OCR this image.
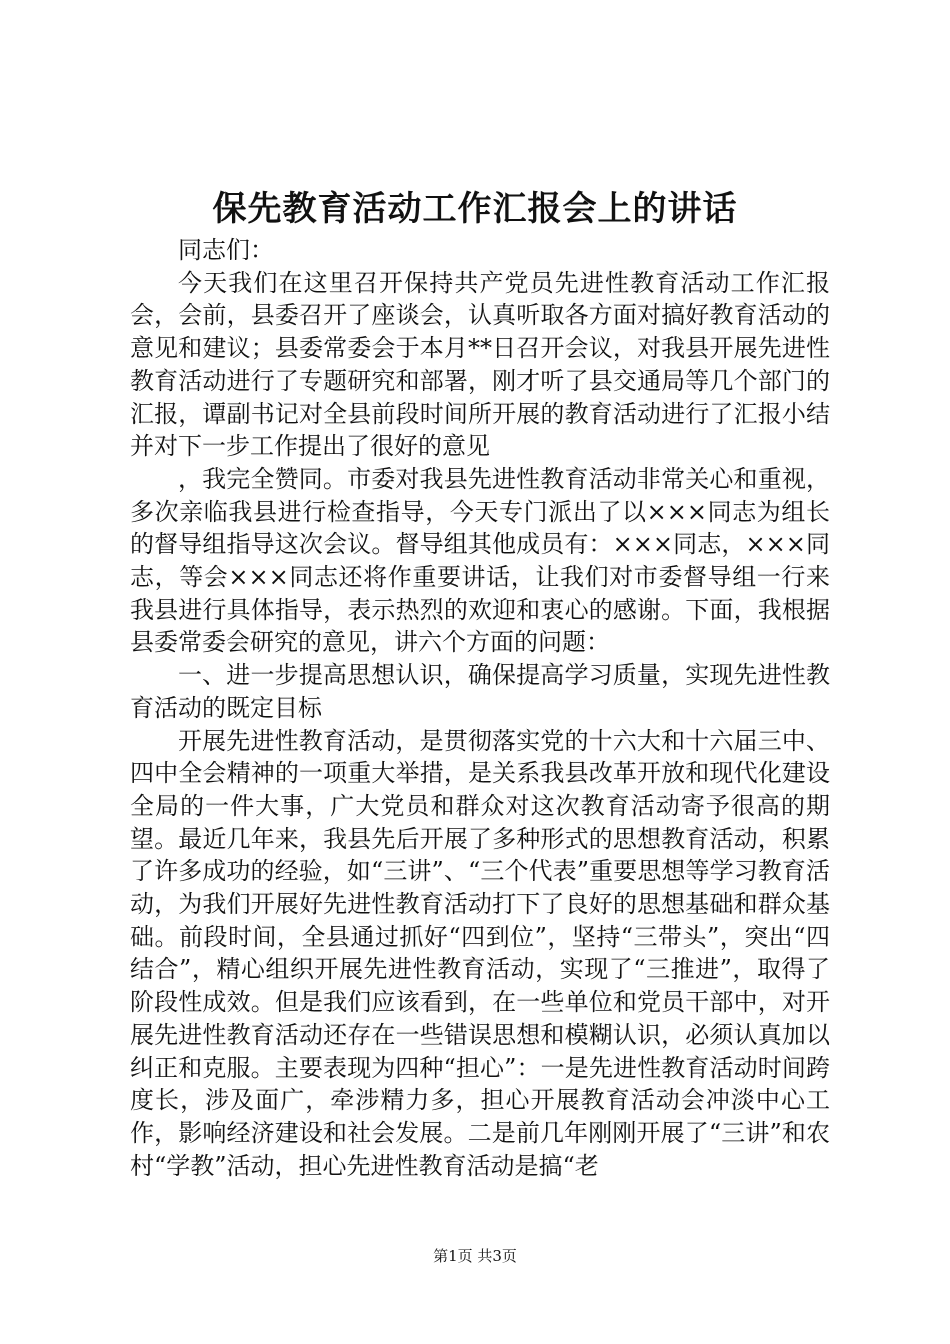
保先教育活动工作汇报会上的讲话

同志们：

今天我们在这里召开保持共产党员先进性教育活动工作汇报会，会前，县委召开了座谈会，认真听取各方面对搞好教育活动的意见和建议；县委常委会于本月**日召开会议，对我县开展先进性教育活动进行了专题研究和部署，刚才听了县交通局等几个部门的汇报，谭副书记对全县前段时间所开展的教育活动进行了汇报小结并对下一步工作提出了很好的意见

，我完全赞同。市委对我县先进性教育活动非常关心和重视，多次亲临我县进行检查指导，今天专门派出了以×××同志为组长的督导组指导这次会议。督导组其他成员有：×××同志，×××同志，等会×××同志还将作重要讲话，让我们对市委督导组一行来我县进行具体指导，表示热烈的欢迎和衷心的感谢。下面，我根据县委常委会研究的意见，讲六个方面的问题：

一、进一步提高思想认识，确保提高学习质量，实现先进性教育活动的既定目标

开展先进性教育活动，是贯彻落实党的十六大和十六届三中、四中全会精神的一项重大举措，是关系我县改革开放和现代化建设全局的一件大事，广大党员和群众对这次教育活动寄予很高的期望。最近几年来，我县先后开展了多种形式的思想教育活动，积累了许多成功的经验，如“三讲”、“三个代表”重要思想等学习教育活动，为我们开展好先进性教育活动打下了良好的思想基础和群众基础。前段时间，全县通过抓好“四到位”，坚持“三带头”，突出“四结合”，精心组织开展先进性教育活动，实现了“三推进”，取得了阶段性成效。但是我们应该看到，在一些单位和党员干部中，对开展先进性教育活动还存在一些错误思想和模糊认识，必须认真加以纠正和克服。主要表现为四种“担心”：一是先进性教育活动时间跨度长，涉及面广，牵涉精力多，担心开展教育活动会冲淡中心工作，影响经济建设和社会发展。二是前几年刚刚开展了“三讲”和农村“学教”活动，担心先进性教育活动是搞“老

第1页 共3页
